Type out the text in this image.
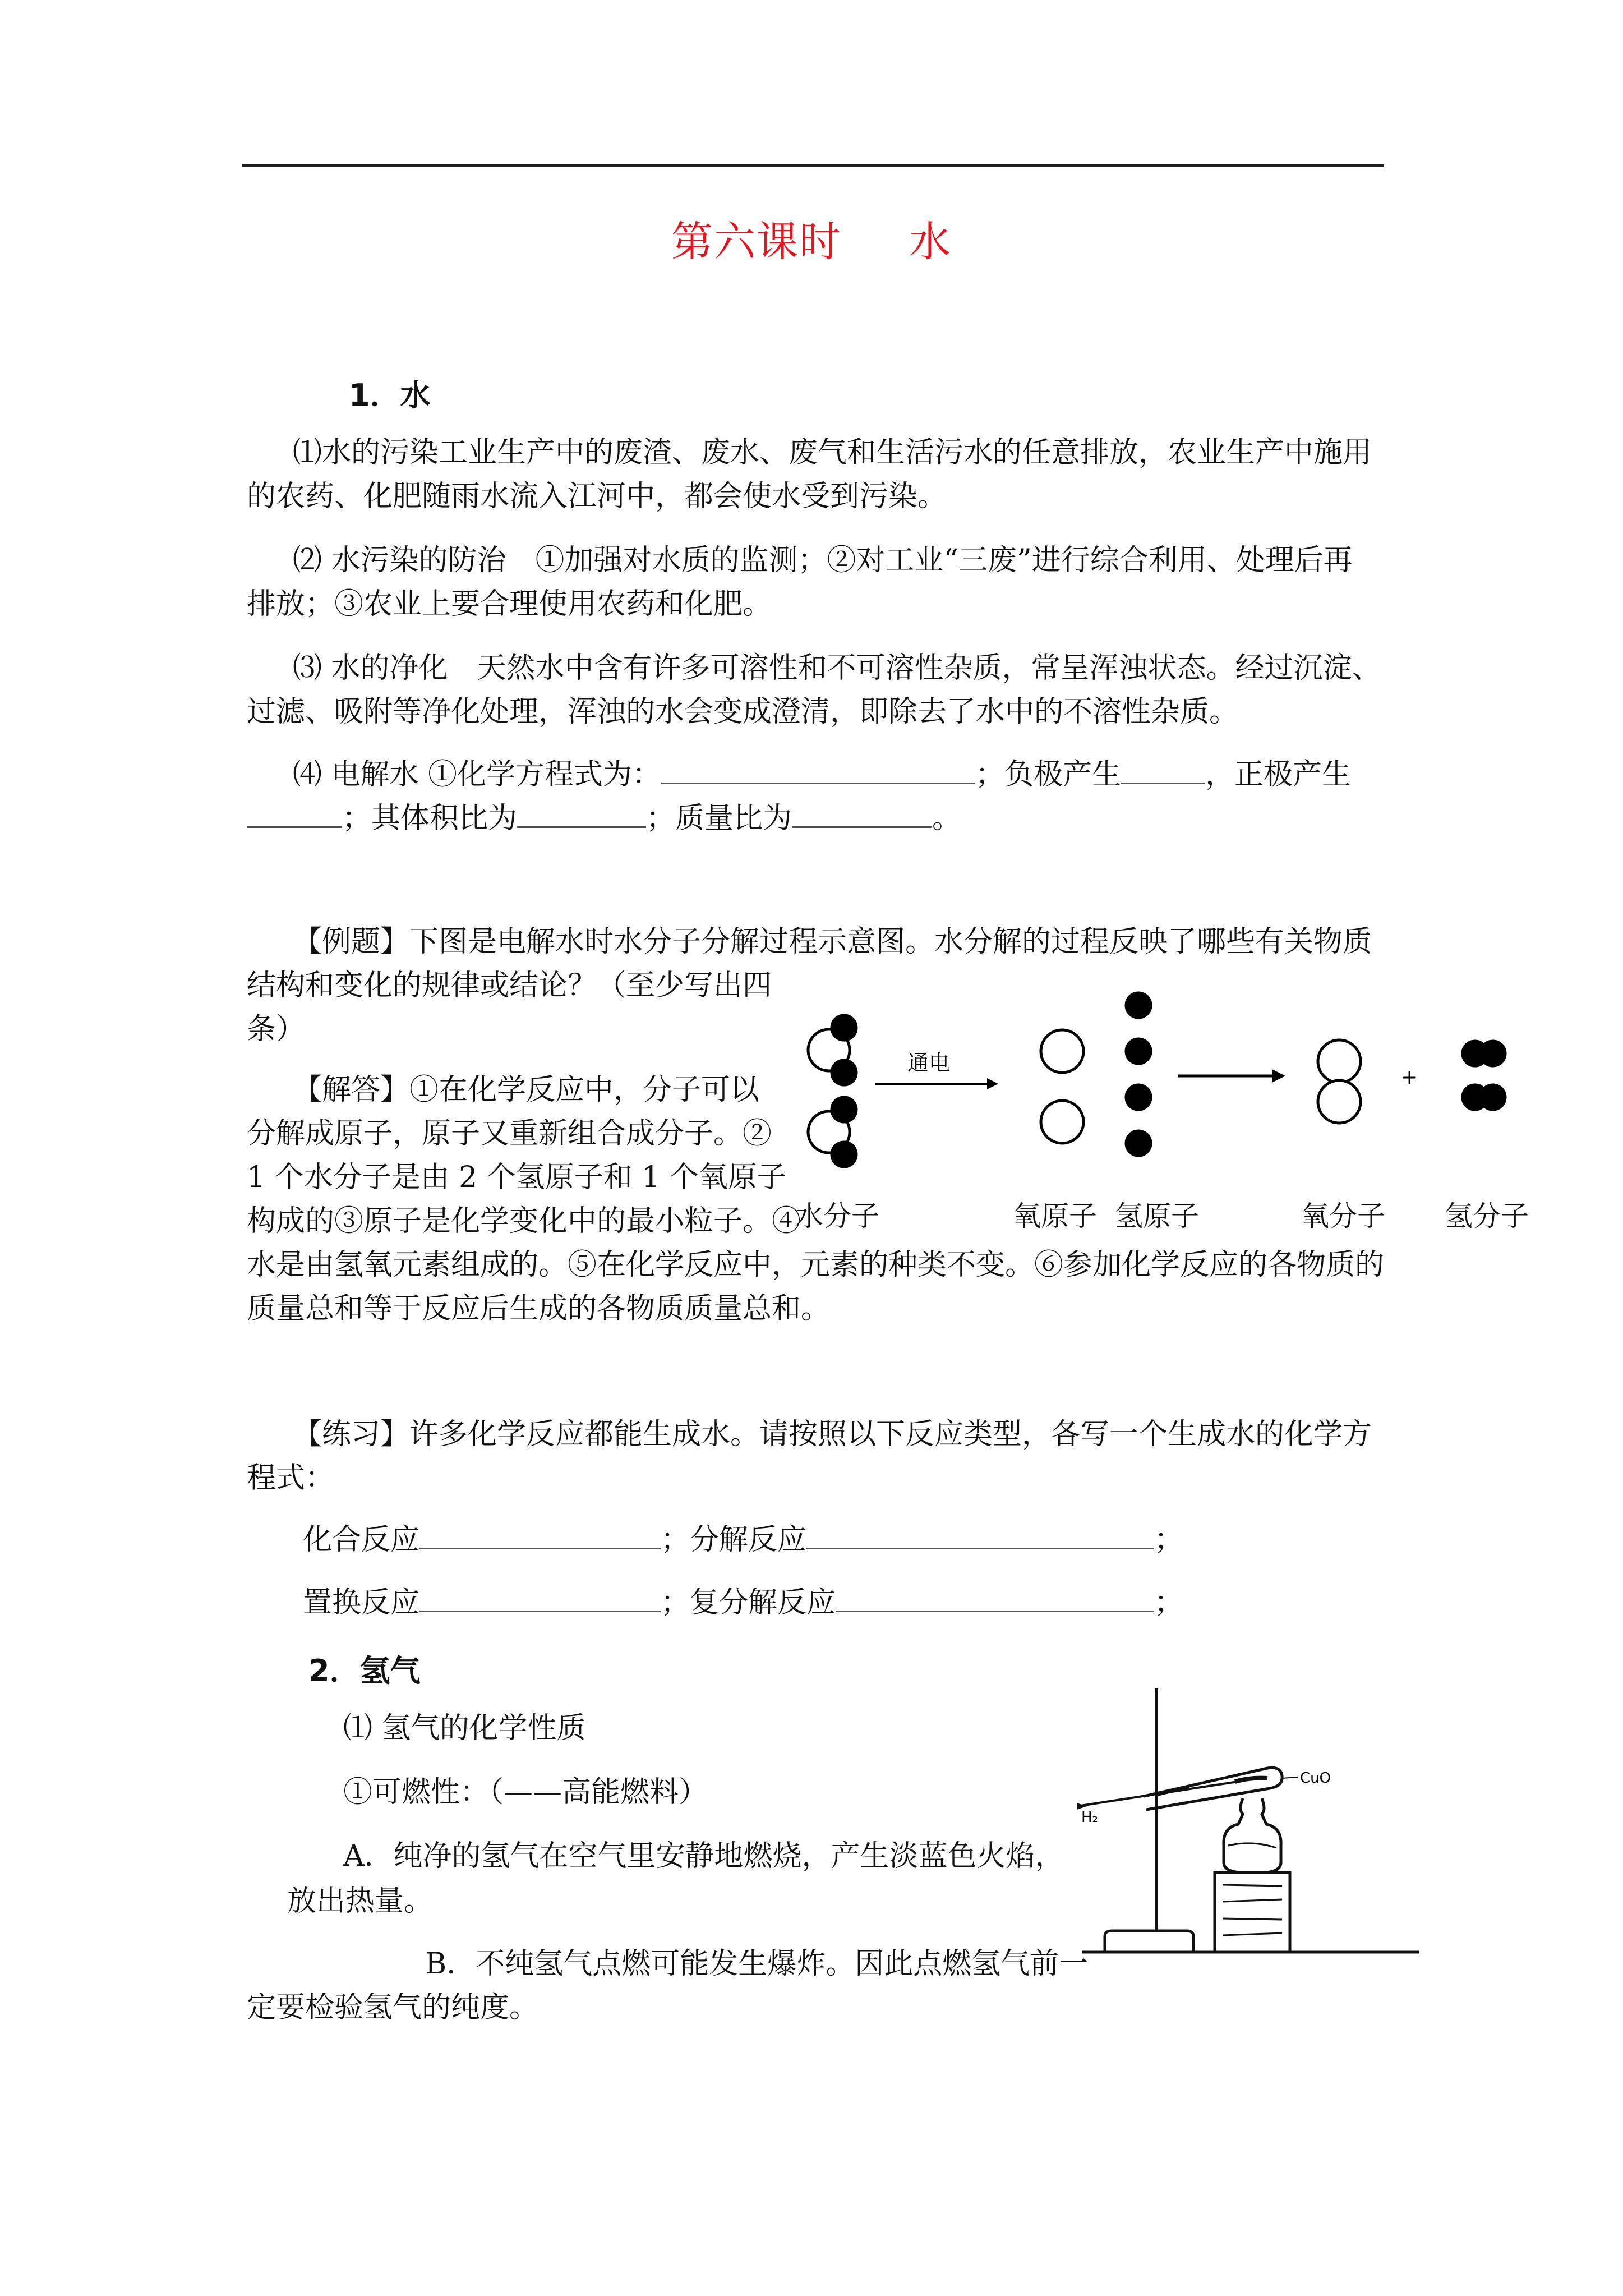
第六课时 水
1．水
⑴水的污染工业生产中的废渣、废水、废气和生活污水的任意排放，农业生产中施用
的农药、化肥随雨水流入江河中，都会使水受到污染。
⑵ 水污染的防治　①加强对水质的监测；②对工业“三废”进行综合利用、处理后再
排放；③农业上要合理使用农药和化肥。
⑶ 水的净化　天然水中含有许多可溶性和不可溶性杂质，常呈浑浊状态。经过沉淀、
过滤、吸附等净化处理，浑浊的水会变成澄清，即除去了水中的不溶性杂质。
⑷ 电解水 ①化学方程式为：	；负极产生	，正极产生
；其体积比为	；质量比为	。
【例题】下图是电解水时水分子分解过程示意图。水分解的过程反映了哪些有关物质
结构和变化的规律或结论？（至少写出四
条）
【解答】①在化学反应中，分子可以
分解成原子，原子又重新组合成分子。②
1 个水分子是由 2 个氢原子和 1 个氧原子
构成的③原子是化学变化中的最小粒子。④
水是由氢氧元素组成的。⑤在化学反应中，元素的种类不变。⑥参加化学反应的各物质的
质量总和等于反应后生成的各物质质量总和。
通电
+
水分子	氧原子 氢原子	氧分子 氢分子
【练习】许多化学反应都能生成水。请按照以下反应类型，各写一个生成水的化学方
程式：
化合反应	；分解反应	；
置换反应	；复分解反应	；
2．氢气
⑴ 氢气的化学性质
①可燃性：（——高能燃料）
A．纯净的氢气在空气里安静地燃烧，产生淡蓝色火焰，
放出热量。
B．不纯氢气点燃可能发生爆炸。因此点燃氢气前一
定要检验氢气的纯度。
H₂
CuO
